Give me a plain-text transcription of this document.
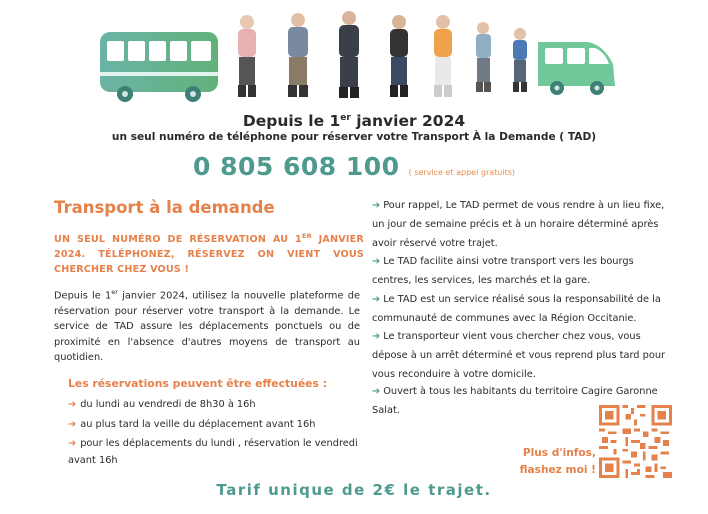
Depuis le 1er janvier 2024
un seul numéro de téléphone pour réserver votre Transport À la Demande ( TAD)
0 805 608 100 ( service et appel gratuits)
Transport à la demande
UN SEUL NUMÉRO DE RÉSERVATION AU 1ER JANVIER 2024. TÉLÉPHONEZ, RÉSERVEZ ON VIENT VOUS CHERCHER CHEZ VOUS !
Depuis le 1er janvier 2024, utilisez la nouvelle plateforme de réservation pour réserver votre transport à la demande. Le service de TAD assure les déplacements ponctuels ou de proximité en l'absence d'autres moyens de transport au quotidien.
Les réservations peuvent être effectuées :
➔ du lundi au vendredi de 8h30 à 16h
➔ au plus tard la veille du déplacement avant 16h
➔ pour les déplacements du lundi , réservation le vendredi avant 16h
➔ Pour rappel, Le TAD permet de vous rendre à un lieu fixe, un jour de semaine précis et à un horaire déterminé après avoir réservé votre trajet.
➔ Le TAD facilite ainsi votre transport vers les bourgs centres, les services, les marchés et la gare.
➔ Le TAD est un service réalisé sous la responsabilité de la communauté de communes avec la Région Occitanie.
➔ Le transporteur vient vous chercher chez vous, vous dépose à un arrêt déterminé et vous reprend plus tard pour vous reconduire à votre domicile.
➔ Ouvert à tous les habitants du territoire Cagire Garonne Salat.
Plus d'infos,
flashez moi !
Tarif unique de 2€ le trajet.
